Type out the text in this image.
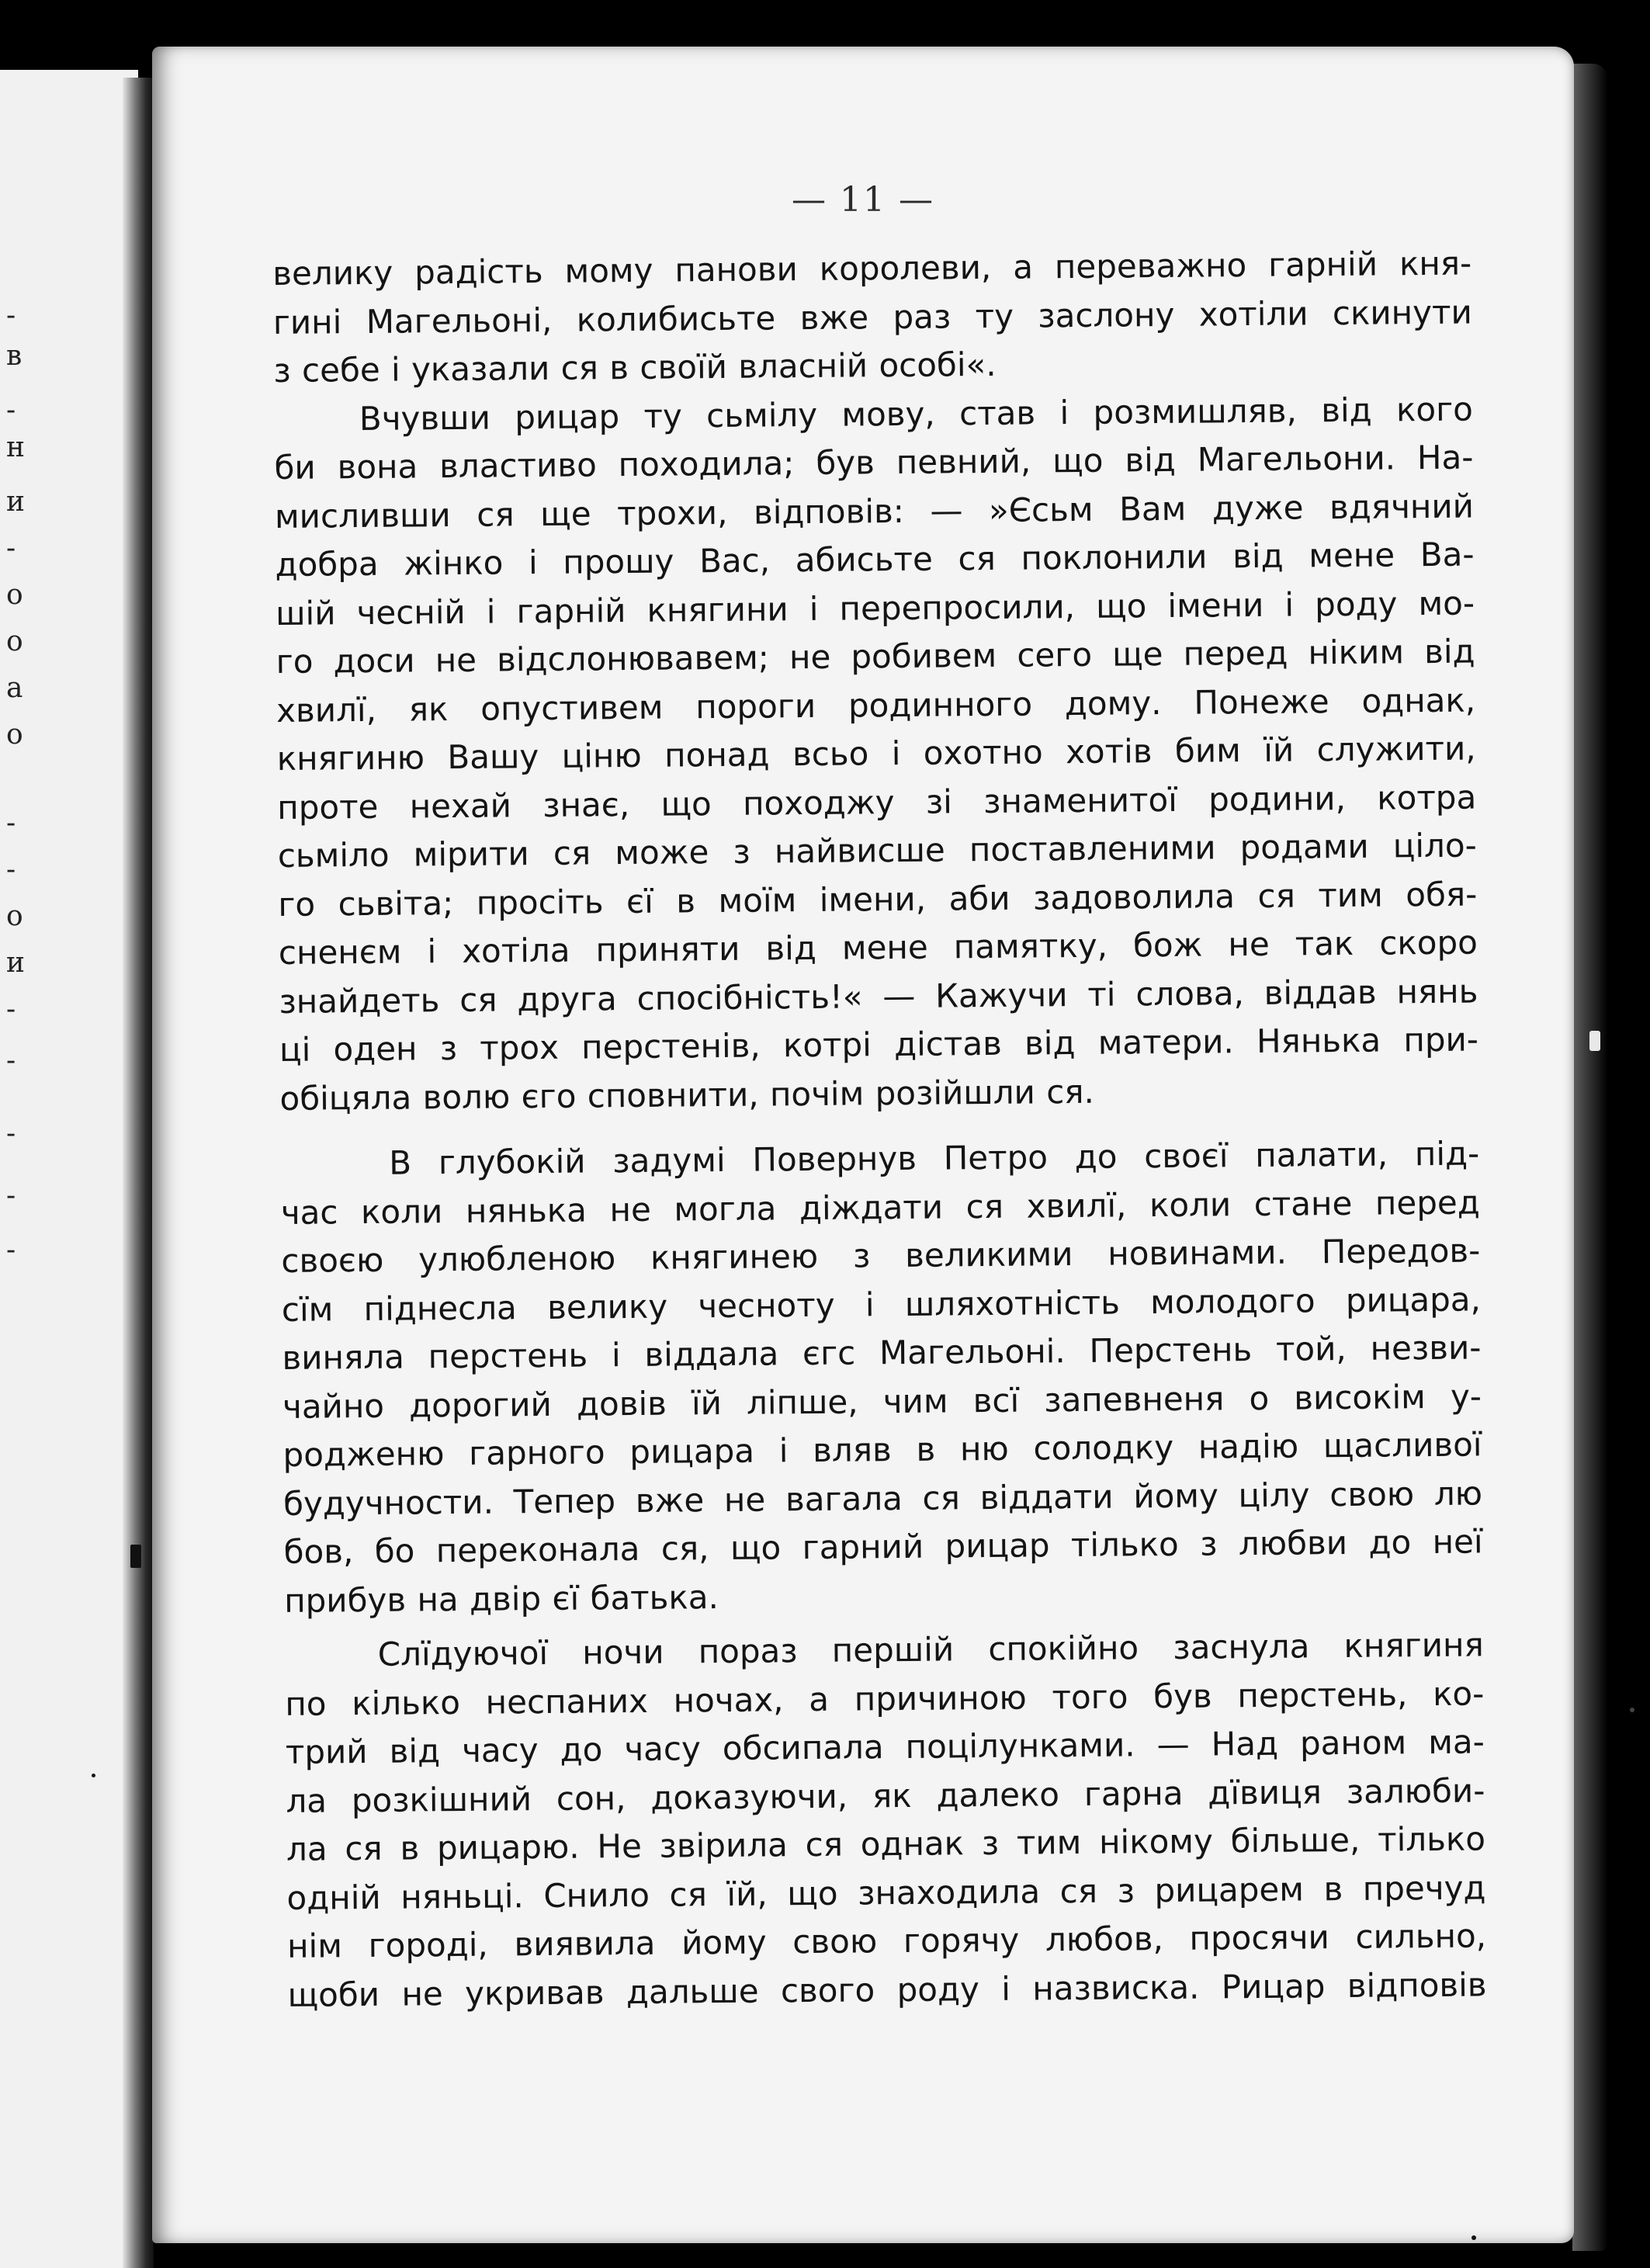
-
в
-
н
и
-
о
о
а
о
-
-
о
и
-
-
-
-
-
— 11 —
велику радість мому панови королеви, а переважно гарній кня-
гині Магельоні, колибисьте вже раз ту заслону хотіли скинути
з себе і указали ся в своїй власній особі«.
Вчувши рицар ту сьмілу мову, став і розмишляв, від кого
би вона властиво походила; був певний, що від Магельони. На-
мисливши ся ще трохи, відповів: — »Єсьм Вам дуже вдячний
добра жінко і прошу Вас, абисьте ся поклонили від мене Ва-
шій чесній і гарній княгини і перепросили, що імени і роду мо-
го доси не відслонювавем; не робивем сего ще перед ніким від
хвилї, як опустивем пороги родинного дому. Понеже однак,
княгиню Вашу ціню понад всьо і охотно хотів бим їй служити,
проте нехай знає, що походжу зі знаменитої родини, котра
сьміло мірити ся може з найвисше поставленими родами ціло-
го сьвіта; просіть єї в моїм імени, аби задоволила ся тим обя-
сненєм і хотіла приняти від мене памятку, бож не так скоро
знайдеть ся друга спосібність!« — Кажучи ті слова, віддав нянь
ці оден з трох перстенів, котрі дістав від матери. Нянька при-
обіцяла волю єго сповнити, почім розійшли ся.
В глубокій задумі Повернув Петро до своєї палати, під-
час коли нянька не могла діждати ся хвилї, коли стане перед
своєю улюбленою княгинею з великими новинами. Передов-
сїм піднесла велику чесноту і шляхотність молодого рицара,
виняла перстень і віддала єгс Магельоні. Перстень той, незви-
чайно дорогий довів їй ліпше, чим всї запевненя о високім у-
родженю гарного рицара і вляв в ню солодку надію щасливої
будучности. Тепер вже не вагала ся віддати йому цілу свою лю
бов, бо переконала ся, що гарний рицар тілько з любви до неї
прибув на двір єї батька.
Слїдуючої ночи пораз першій спокійно заснула княгиня
по кілько неспаних ночах, а причиною того був перстень, ко-
трий від часу до часу обсипала поцілунками. — Над раном ма-
ла розкішний сон, доказуючи, як далеко гарна дївиця залюби-
ла ся в рицарю. Не звірила ся однак з тим нікому більше, тілько
одній няньці. Снило ся їй, що знаходила ся з рицарем в пречуд
нім городі, виявила йому свою горячу любов, просячи сильно,
щоби не укривав дальше свого роду і назвиска. Рицар відповів
